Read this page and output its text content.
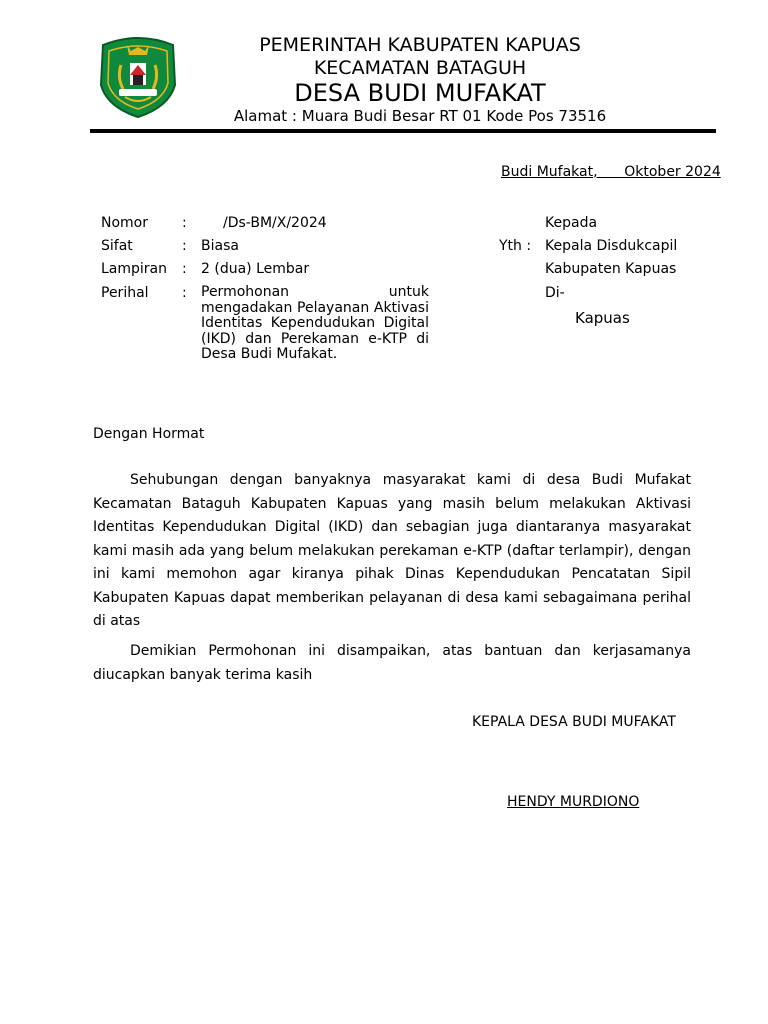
PEMERINTAH KABUPATEN KAPUAS
KECAMATAN BATAGUH
DESA BUDI MUFAKAT
Alamat : Muara Budi Besar RT 01 Kode Pos 73516
Budi Mufakat,      Oktober 2024
Nomor :	/Ds-BM/X/2024
Sifat	: Biasa
Lampiran : 2 (dua) Lembar
Perihal : Permohonan untuk mengadakan Pelayanan Aktivasi Identitas Kependudukan Digital (IKD) dan Perekaman e-KTP di Desa Budi Mufakat.
Kepada
Yth : Kepala Disdukcapil
Kabupaten Kapuas
Di-
Kapuas
Dengan Hormat

Sehubungan dengan banyaknya masyarakat kami di desa Budi Mufakat Kecamatan Bataguh Kabupaten Kapuas yang masih belum melakukan Aktivasi Identitas Kependudukan Digital (IKD) dan sebagian juga diantaranya masyarakat kami masih ada yang belum melakukan perekaman e-KTP (daftar terlampir), dengan ini kami memohon agar kiranya pihak Dinas Kependudukan Pencatatan Sipil Kabupaten Kapuas dapat memberikan pelayanan di desa kami sebagaimana perihal di atas

Demikian Permohonan ini disampaikan, atas bantuan dan kerjasamanya diucapkan banyak terima kasih

KEPALA DESA BUDI MUFAKAT
HENDY MURDIONO
